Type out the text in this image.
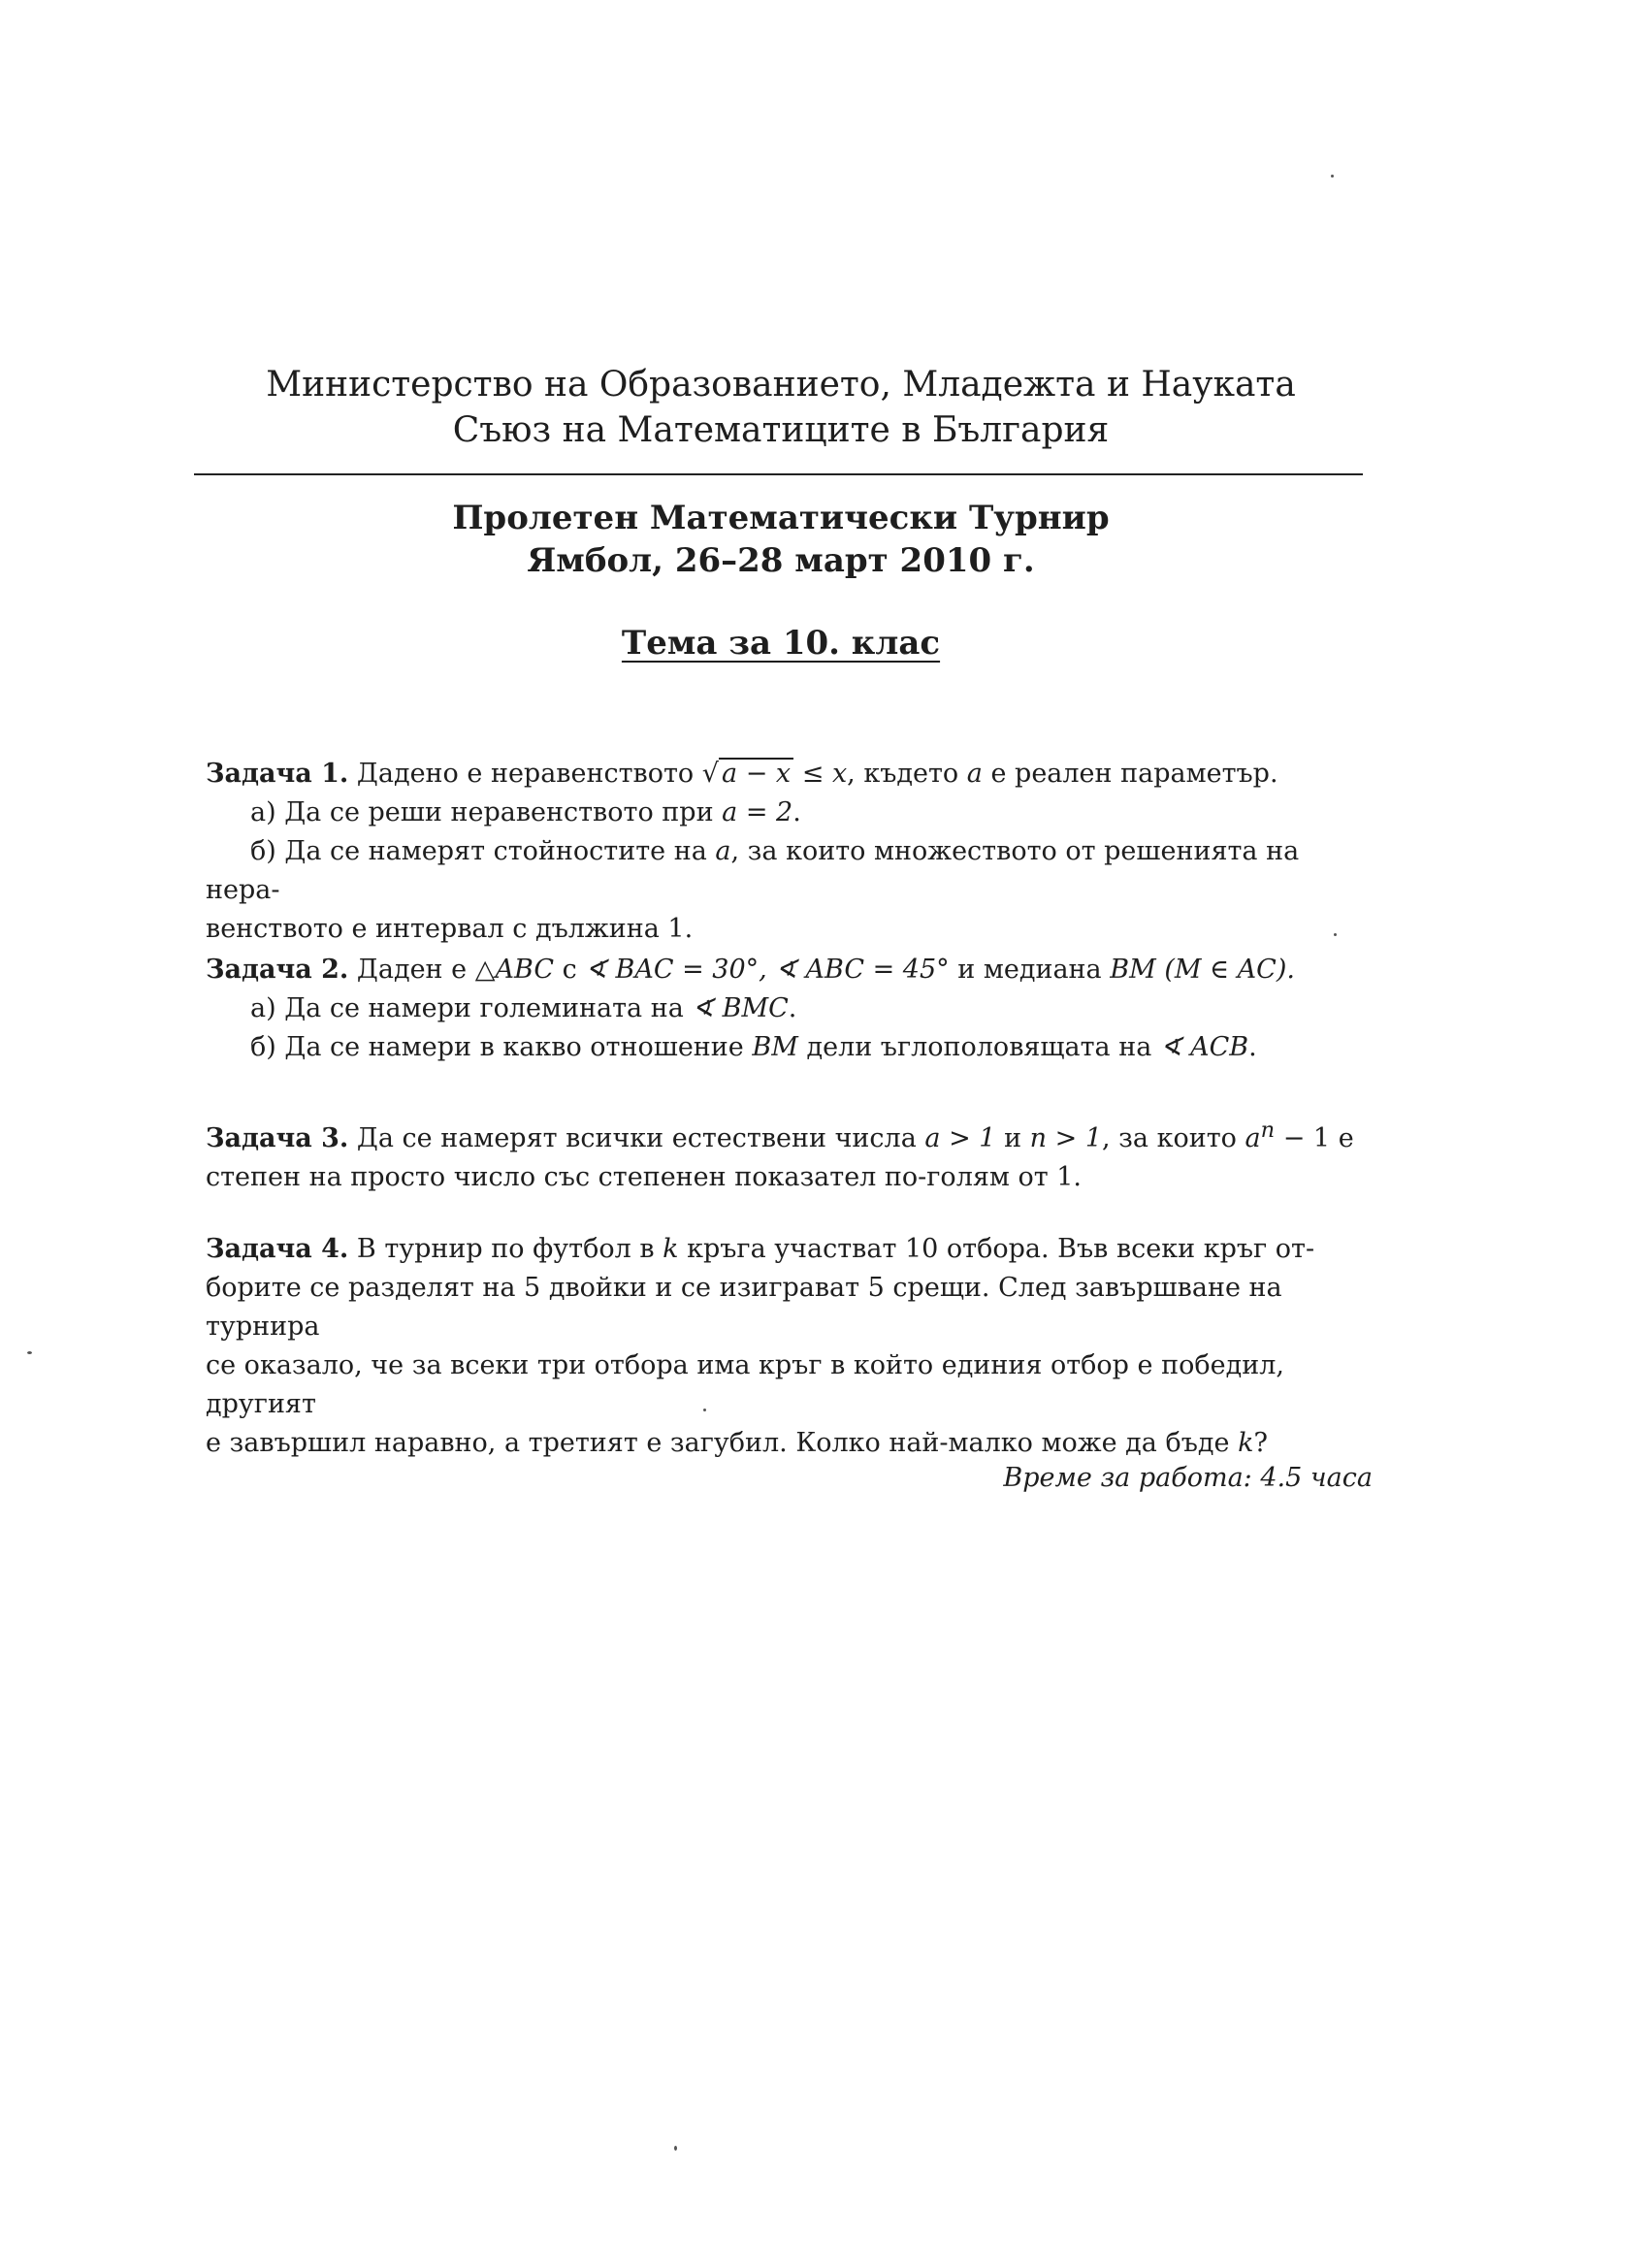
Министерство на Образованието, Младежта и Науката
Съюз на Математиците в България
Пролетен Математически Турнир
Ямбол, 26–28 март 2010 г.
Тема за 10. клас
Задача 1. Дадено е неравенството √ a − x ≤ x, където a е реален параметър.
а) Да се реши неравенството при a = 2.
б) Да се намерят стойностите на a, за които множеството от решенията на нера-
венството е интервал с дължина 1.
Задача 2. Даден е △ABC с ∢ BAC = 30°, ∢ ABC = 45° и медиана BM (M ∈ AC).
а) Да се намери големината на ∢ BMC.
б) Да се намери в какво отношение BM дели ъглополовящата на ∢ ACB.
Задача 3. Да се намерят всички естествени числа a > 1 и n > 1, за които $a^n - 1$ е
степен на просто число със степенен показател по-голям от 1.
Задача 4. В турнир по футбол в k кръга участват 10 отбора. Във всеки кръг от-
борите се разделят на 5 двойки и се изиграват 5 срещи. След завършване на турнира
се оказало, че за всеки три отбора има кръг в който единия отбор е победил, другият
е завършил наравно, а третият е загубил. Колко най-малко може да бъде k?
Време за работа: 4.5 часа
